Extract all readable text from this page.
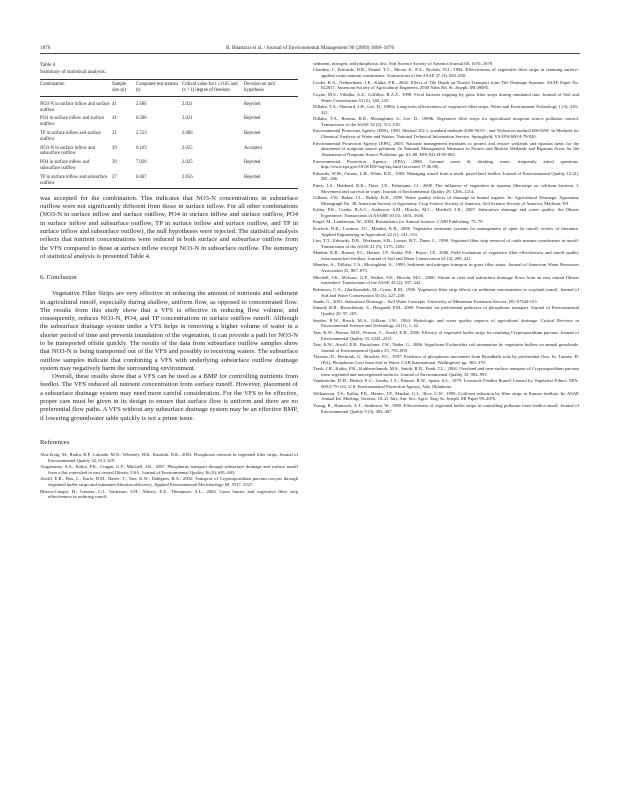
1876	R. Bhattarai et al. / Journal of Environmental Management 90 (2009) 1868–1876
Table 4
Summary of statistical analysis.
Combination	Sample size (n)	Computed test statistic (t)	Critical value for t ≤ 0.05 and (n ? 1) degree of freedom	Decision on null hypothesis
NO3-N in surface inflow and surface outflow	41	2.686	2.021	Rejected
PO4 in surface inflow and surface outflow	41	6.586	2.021	Rejected
TP in surface inflow and surface outflow	21	2.553	2.086	Rejected
NO3-N in surface inflow and subsurface outflow	39	0.163	2.025	Accepted
PO4 in surface inflow and subsurface outflow	39	7.926	2.025	Rejected
TP in surface inflow and subsurface outflow	27	6.667	2.056	Rejected

was accepted for the combination. This indicates that NO3-N concentrations in subsurface outflow were not significantly different from those in surface inflow. For all other combinations (NO3-N in surface inflow and surface outflow, PO4 in surface inflow and surface outflow, PO4 in surface inflow and subsurface outflow, TP in surface inflow and surface outflow, and TP in surface inflow and subsurface outflow), the null hypotheses were rejected. The statistical analysis reflects that nutrient concentrations were reduced in both surface and subsurface outflow from the VFS compared to those at surface inflow except NO3-N in subsurface outflow. The summary of statistical analysis is presented Table 4.

6. Conclusion

Vegetative Filter Strips are very effective in reducing the amount of nutrients and sediment in agricultural runoff, especially during shallow, uniform flow, as opposed to concentrated flow. The results from this study show that a VFS is effective in reducing flow volume, and consequently, reduces NO3-N, PO4, and TP concentrations in surface outflow runoff. Although the subsurface drainage system under a VFS helps in removing a higher volume of water in a shorter period of time and prevents inundation of the vegetation, it can provide a path for NO3-N to be transported offsite quickly. The results of the data from subsurface outflow samples show that NO3-N is being transported out of the VFS and possibly to receiving waters. The subsurface outflow samples indicate that combining a VFS with underlying subsurface outflow drainage system may negatively harm the surrounding environment.

Overall, these results show that a VFS can be used as a BMP for controlling nutrients from feedlot. The VFS reduced all nutrient concentration from surface runoff. However, placement of a subsurface drainage system may need more careful consideration. For the VFS to be effective, proper care must be given in its design to ensure that surface flow is uniform and there are no preferential flow paths. A VFS without any subsurface drainage system may be an effective BMP, if lowering groundwater table quickly is not a prime issue.

References

Abu-Zreig, M., Rudra, R.P., Lalonde, M.N., Whiteley, H.R., Kaushik, N.K., 2003. Phosphorus removal in vegetated filter strips. Journal of Environmental Quality 32, 613–619.

Alagarsamy, A.S., Kalita, P.K., Cragan, G.F., Mitchell, J.K., 2007. Phosphorus transport through subsurface drainage and surface runoff from a flat watershed in east central Illinois, USA. Journal of Environmental Quality 36 (3), 681–693.

Atwill, E.R., Hou, L., Karle, B.M., Harter, T., Tate, K.W., Dahlgren, R.A., 2002. Transport of Cryptosporidium parvum oocysts through vegetated buffer strips and estimated filtration efficiency. Applied Environmental Microbiology 68, 5517–5527.

Blanco-Canqui, H., Gantzer, C.J., Anderson, S.H., Alberts, E.E., Thompson, A.L., 2004. Grass barrier and vegetative filter strip effectiveness in reducing runoff,

sediment, nitrogen, and phosphorus loss. Soil Science Society of America Journal 68, 1670–1678.

Chaubey, I., Edwards, D.R., Daniel, T.C., Moore Jr., P.A., Nichols, D.J., 1994. Effectiveness of vegetative filter strips in retaining surface-applied swine manure constituents. Transactions of the ASAE 37 (3), 845–850.

Cooke, R.A., Nehmelman, J.E., Kalita, P.K., 2002. Effect of Tile Depth on Nitrate Transport from Tile Drainage Systems. ASAE Paper No. 022017. American Society of Agricultural Engineers, 2950 Niles Rd, St. Joseph, MI 49085.

Coyne, M.S., Villalba, A.Z., Gilfillen, R.A.Z., 1998. Fecal bacteria trapping by grass filter strips during simulated rain. Journal of Soil and Water Conservation 53 (2), 140–145.

Dillaha, T.A., Sherrard, J.H., Lee, D., 1989a. Long-term effectiveness of vegetative filter strips. Water and Environment Technology 1 (3), 419–421.

Dillaha, T.A., Reneau, R.B., Mostaghimi, S., Lee, D., 1989b. Vegetative filter strips for agricultural nonpoint source pollution control. Transactions of the ASAE 32 (2), 513–519.

Environmental Protection Agency (EPA), 1983. Method 352.1, standard methods 4500-NO3−, and Technicon method 696-82W. In Methods for Chemical Analysis of Water and Wastes. National Technical Information Service, Springfield, VA EPA/600/4-79/020.

Environmental Protection Agency (EPA), 2005. National management measures to protect and restore wetlands and riparian areas for the abatement of nonpoint source pollution. In National Management Measures to Protect and Restore Wetlands and Riparian Areas for the Abatement of Nonpoint Source Pollution, pp. 61–80. EPA 841-B-05-003.

Environmental Protection Agency (EPA), 2008. Ground water & drinking water: frequently asked questions. http://www.epa.gov/OGWDW/faq/faq.html (accessed 17.06.08).

Edwards, W.M., Owens, L.B., White, R.K., 1983. Managing runoff from a small, paved beef feedlot. Journal of Environmental Quality 12 (2), 281–286.

Entry, J.A., Hubbard, R.K., Thies, J.E., Fuhrmann, J.J., 2000. The influence of vegetation in riparian filterstrips on coliform bacteria. I. Movement and survival in water. Journal of Environmental Quality 29, 1206–1214.

Gilliam, J.W., Baker, J.L., Reddy, K.R., 1999. Water quality effects of drainage in humid regions. In: Agricultural Drainage, Agronomy Monograph No. 38. American Society of Agronomy, Crop Science Society of America, Soil Science Society of America, Madison, WI.

Kalita, P.K., Cooke, R.A.C., Anderson, S.M., Hirschi, M.C., Mitchell, J.K., 2007. Subsurface drainage and water quality: the Illinois Experience. Transactions of ASABE 50 (5), 1651–1656.

Kagel, M., Lamberson, W., 2004. Biostatistics for Animal Science. CABI Publishing. 75–79.

Koelsch, R.K., Lorimor, J.C., Mankin, K.R., 2006. Vegetative treatment systems for management of open lot runoff: review of literature. Applied Engineering in Agriculture 22 (1), 141–153.

Lim, T.T., Edwards, D.R., Workman, S.R., Larson, B.T., Dunn, L., 1998. Vegetated filter strip removal of cattle manure constituents in runoff. Transactions of the ASAE 41 (5), 1375–1381.

Mankin, K.R., Barnes, P.L., Harner, J.P., Kalita, P.K., Boyer, J.E., 2006. Field evaluation of vegetative filter effectiveness and runoff quality from unstocked feedlots. Journal of Soil and Water Conservation 61 (4), 209–221.

Mendez, A., Dillaha, T.A., Mostaghimi, S., 1999. Sediment and nitrogen transport in grass filter strips. Journal of American Water Resources Association 35, 867–875.

Mitchell, J.K., McIsaac, G.F., Walker, S.E., Hirschi, M.C., 2000. Nitrate in river and subsurface drainage flows from an east central Illinois watershed. Transactions of the ASAE 43 (2), 337–342.

Robinson, C.A., Ghaffarzadeh, M., Cruse, R.M., 1996. Vegetative filter strip effects on sediment concentration in cropland runoff. Journal of Soil and Water Conservation 50 (3), 227–230.

Sands, G., 2001. Subsurface Drainage – Soil Water Concepts. University of Minnesota Extension Service. BU-07644-GO.

Simard, R.R., Beauchemin, S., Haygarth, P.M., 2000. Potential for preferential pathways of phosphorus transport. Journal of Environmental Quality 29, 97–105.

Snyder, R.W., Bosch, M.A., Gilliam, J.W., 1994. Hydrologic and water quality impacts of agricultural drainage. Critical Reviews in Environmental Science and Technology 24 (1), 1–32.

Tate, K.W., Pereira, M.D., Pereira, C., Atwill, E.R., 2006. Efficacy of vegetated buffer strips for retaining Cryptosporidium parvum. Journal of Environmental Quality 33, 2243–2251.

Tate, K.W., Atwill, E.R., Bartolome, J.W., Nader, G., 2006. Significant Escherichia coli attenuation by vegetative buffers on annual grasslands. Journal of Environmental Quality 35, 795–805.

Thomas, D., Heckrath, G., Brookes, P.C., 1997. Evidence of phosphorus movement from Broadbalk soils by preferential flow. In: Tunney, H. (Ed.), Phosphorus Loss from Soil to Water. CAB International, Wallingford, pp. 369–370.

Trask, J.R., Kalita, P.K., Kuhlenschmidt, M.S., Smith, R.D., Funk, T.L., 2004. Overland and near-surface transport of Cryptosporidium parvum from vegetated and nonvegetated surfaces. Journal of Environmental Quality 33, 984–993.

Vanderholm, D.H., Dickey, E.C., Jacobs, J.A., Elmore, R.W., Spahr, S.L., 1979. Livestock Feedlot Runoff Control by Vegetative Filters. EPA-600/2-79-143. U.S. Environmental Protection Agency, Ada, Oklahoma.

Williamson, T.S., Kalita, P.K., Harner, J.P., Mankin, G.L., Rice, C.W., 1999. Coliform reduction by filter strips in Kansas feedlots. In: ASAE Annual Int. Meeting, Toronto, 18–21 July. Am. Soc. Agric. Eng. St. Joseph, MI Paper 99–2076.

Young, R., Huntrods, A.T., Anderson, W., 1980. Effectiveness of vegetated buffer strips in controlling pollution from feedlot runoff. Journal of Environmental Quality 9 (3), 483–487.
